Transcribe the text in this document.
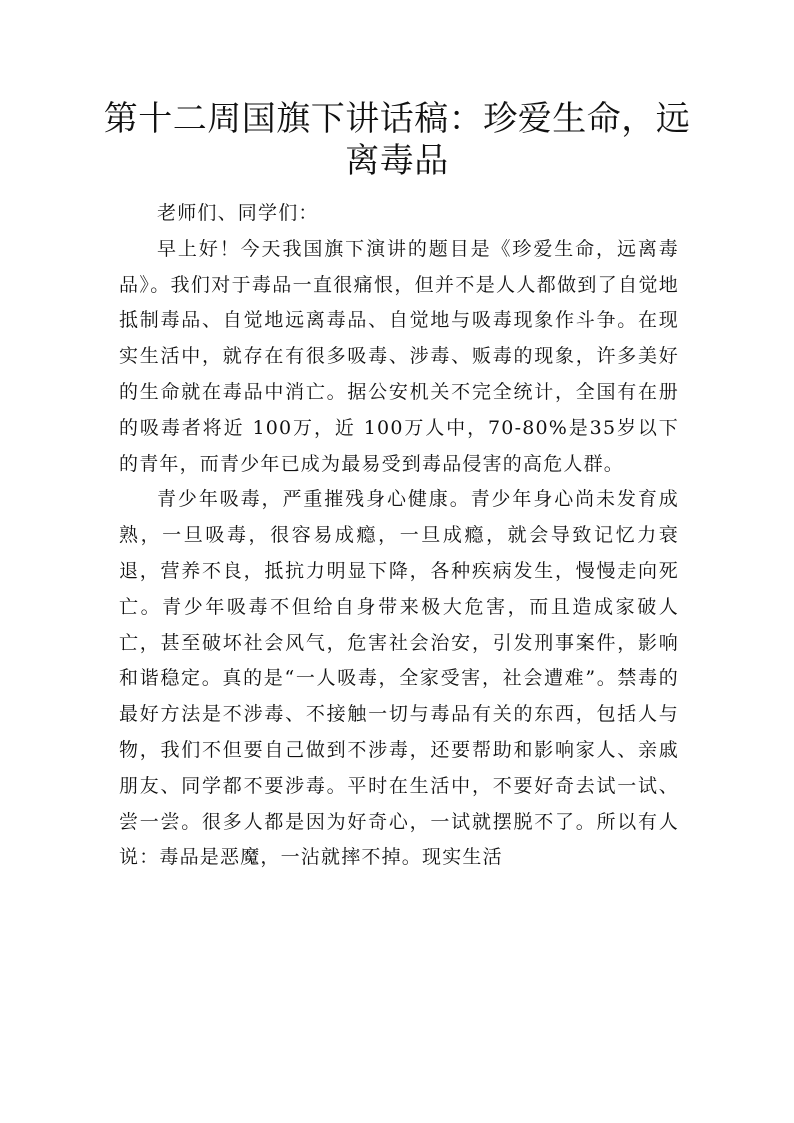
第十二周国旗下讲话稿：珍爱生命，远离毒品

老师们、同学们：

早上好！今天我国旗下演讲的题目是《珍爱生命，远离毒品》。我们对于毒品一直很痛恨，但并不是人人都做到了自觉地抵制毒品、自觉地远离毒品、自觉地与吸毒现象作斗争。在现实生活中，就存在有很多吸毒、涉毒、贩毒的现象，许多美好的生命就在毒品中消亡。据公安机关不完全统计，全国有在册的吸毒者将近 100万，近 100万人中，70-80%是35岁以下的青年，而青少年已成为最易受到毒品侵害的高危人群。

青少年吸毒，严重摧残身心健康。青少年身心尚未发育成熟，一旦吸毒，很容易成瘾，一旦成瘾，就会导致记忆力衰退，营养不良，抵抗力明显下降，各种疾病发生，慢慢走向死亡。青少年吸毒不但给自身带来极大危害，而且造成家破人亡，甚至破坏社会风气，危害社会治安，引发刑事案件，影响和谐稳定。真的是“一人吸毒，全家受害，社会遭难”。禁毒的最好方法是不涉毒、不接触一切与毒品有关的东西，包括人与物，我们不但要自己做到不涉毒，还要帮助和影响家人、亲戚朋友、同学都不要涉毒。平时在生活中，不要好奇去试一试、尝一尝。很多人都是因为好奇心，一试就摆脱不了。所以有人说：毒品是恶魔，一沾就摔不掉。现实生活
